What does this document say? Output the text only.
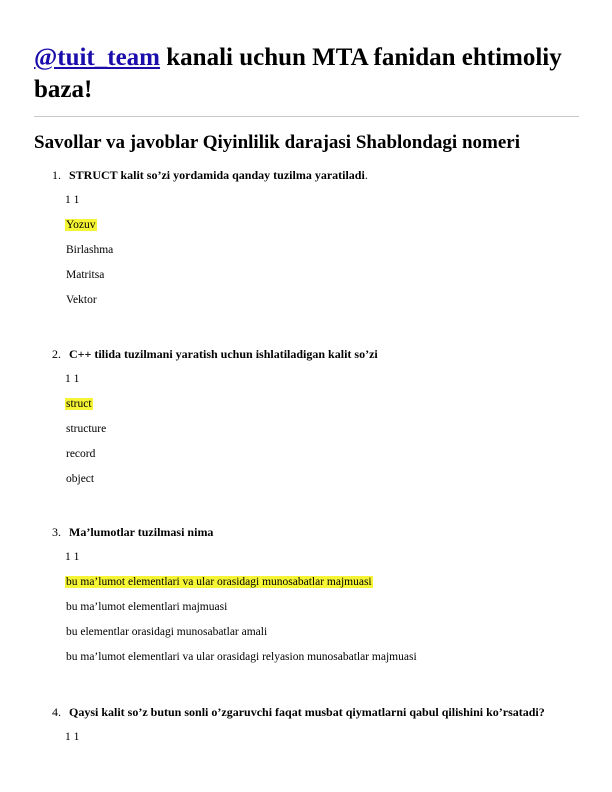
@tuit_team kanali uchun MTA fanidan ehtimoliy baza!
Savollar va javoblar Qiyinlilik darajasi Shablondagi nomeri
1. STRUCT kalit so’zi yordamida qanday tuzilma yaratiladi.
1 1
Yozuv
Birlashma
Matritsa
Vektor
2. C++ tilida tuzilmani yaratish uchun ishlatiladigan kalit so’zi
1 1
struct
structure
record
object
3. Ma’lumotlar tuzilmasi nima
1 1
bu ma’lumot elementlari va ular orasidagi munosabatlar majmuasi
bu ma’lumot elementlari majmuasi
bu elementlar orasidagi munosabatlar amali
bu ma’lumot elementlari va ular orasidagi relyasion munosabatlar majmuasi
4. Qaysi kalit so’z butun sonli o’zgaruvchi faqat musbat qiymatlarni qabul qilishini ko’rsatadi?
1 1
